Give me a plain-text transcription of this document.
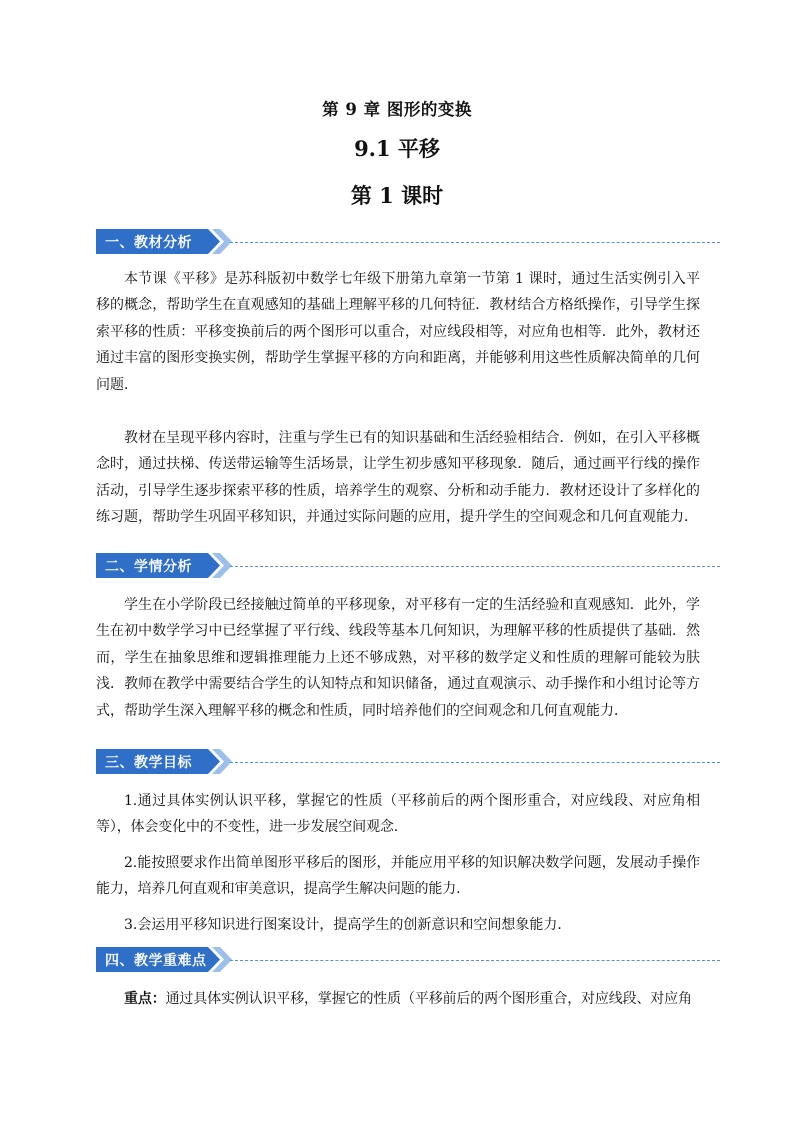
第 9 章 图形的变换
9.1 平移
第 1 课时
一、教材分析

本节课《平移》是苏科版初中数学七年级下册第九章第一节第 1 课时，通过生活实例引入平移的概念，帮助学生在直观感知的基础上理解平移的几何特征．教材结合方格纸操作，引导学生探索平移的性质：平移变换前后的两个图形可以重合，对应线段相等，对应角也相等．此外，教材还通过丰富的图形变换实例，帮助学生掌握平移的方向和距离，并能够利用这些性质解决简单的几何问题．

教材在呈现平移内容时，注重与学生已有的知识基础和生活经验相结合．例如，在引入平移概念时，通过扶梯、传送带运输等生活场景，让学生初步感知平移现象．随后，通过画平行线的操作活动，引导学生逐步探索平移的性质，培养学生的观察、分析和动手能力．教材还设计了多样化的练习题，帮助学生巩固平移知识，并通过实际问题的应用，提升学生的空间观念和几何直观能力．

二、学情分析

学生在小学阶段已经接触过简单的平移现象，对平移有一定的生活经验和直观感知．此外，学生在初中数学学习中已经掌握了平行线、线段等基本几何知识，为理解平移的性质提供了基础．然而，学生在抽象思维和逻辑推理能力上还不够成熟，对平移的数学定义和性质的理解可能较为肤浅．教师在教学中需要结合学生的认知特点和知识储备，通过直观演示、动手操作和小组讨论等方式，帮助学生深入理解平移的概念和性质，同时培养他们的空间观念和几何直观能力．

三、教学目标

1.通过具体实例认识平移，掌握它的性质（平移前后的两个图形重合，对应线段、对应角相等），体会变化中的不变性，进一步发展空间观念.

2.能按照要求作出简单图形平移后的图形，并能应用平移的知识解决数学问题，发展动手操作能力，培养几何直观和审美意识，提高学生解决问题的能力.

3.会运用平移知识进行图案设计，提高学生的创新意识和空间想象能力．

四、教学重难点

重点：通过具体实例认识平移，掌握它的性质（平移前后的两个图形重合，对应线段、对应角
